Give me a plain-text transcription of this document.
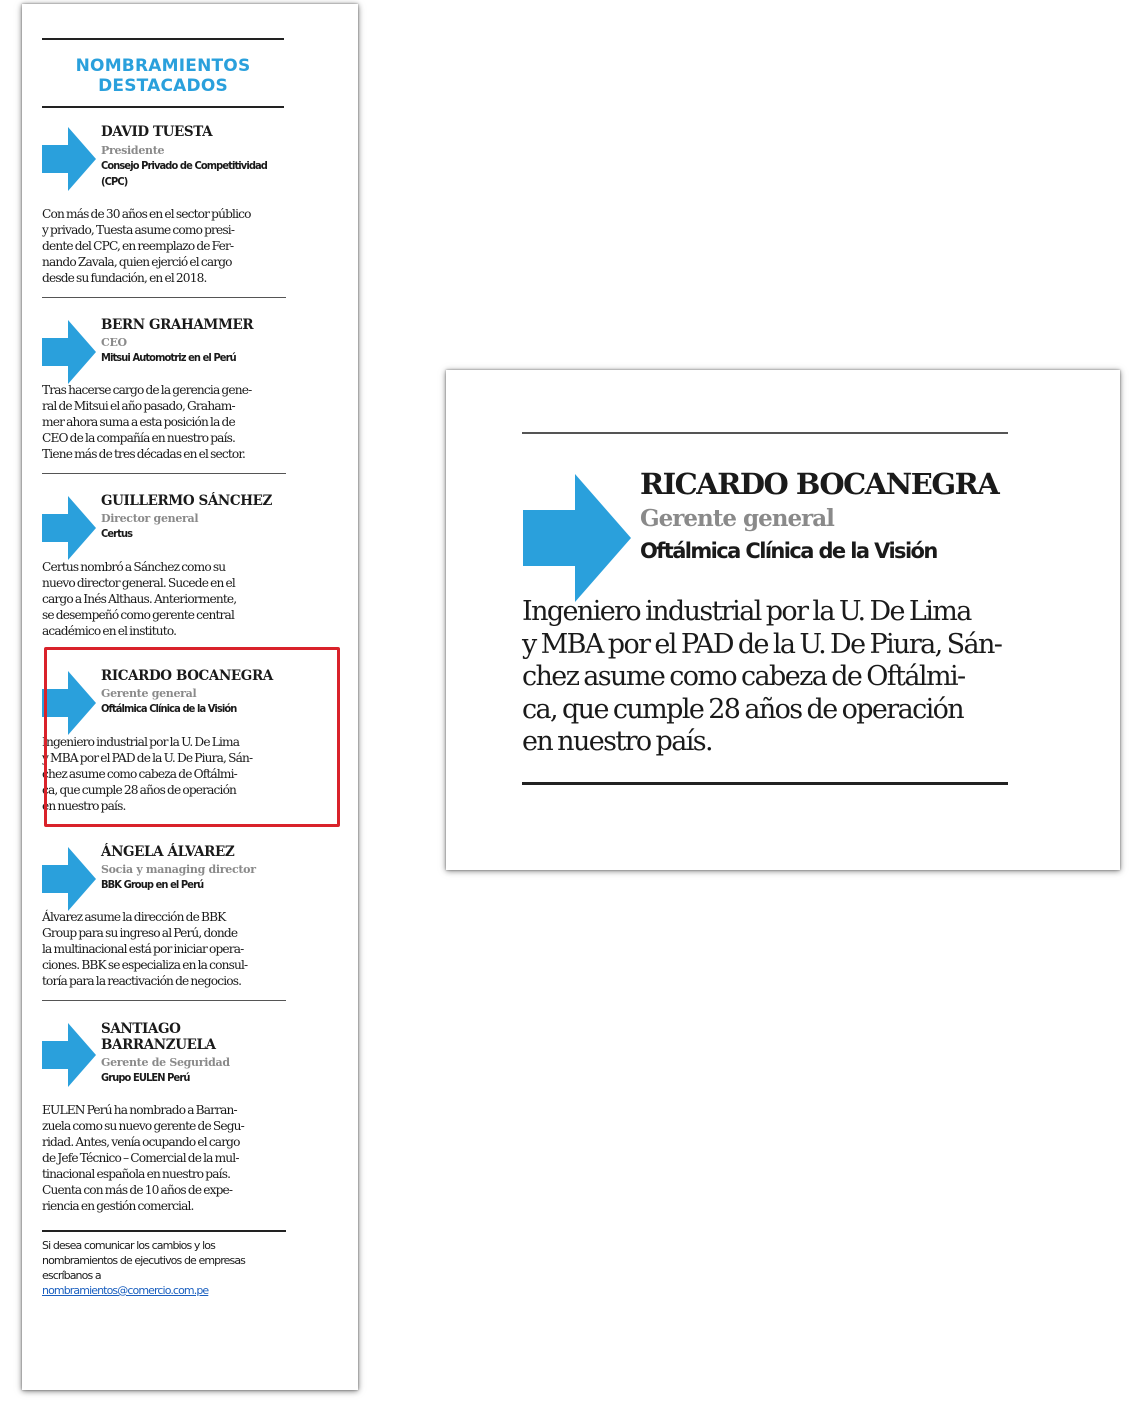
NOMBRAMIENTOS
DESTACADOS
DAVID TUESTA
Presidente
Consejo Privado de Competitividad
(CPC)
Con más de 30 años en el sector público
y privado, Tuesta asume como presi-
dente del CPC, en reemplazo de Fer-
nando Zavala, quien ejerció el cargo
desde su fundación, en el 2018.
BERN GRAHAMMER
CEO
Mitsui Automotriz en el Perú
Tras hacerse cargo de la gerencia gene-
ral de Mitsui el año pasado, Graham-
mer ahora suma a esta posición la de
CEO de la compañía en nuestro país.
Tiene más de tres décadas en el sector.
GUILLERMO SÁNCHEZ
Director general
Certus
Certus nombró a Sánchez como su
nuevo director general. Sucede en el
cargo a Inés Althaus. Anteriormente,
se desempeñó como gerente central
académico en el instituto.
RICARDO BOCANEGRA
Gerente general
Oftálmica Clínica de la Visión
Ingeniero industrial por la U. De Lima
y MBA por el PAD de la U. De Piura, Sán-
chez asume como cabeza de Oftálmi-
ca, que cumple 28 años de operación
en nuestro país.
ÁNGELA ÁLVAREZ
Socia y managing director
BBK Group en el Perú
Álvarez asume la dirección de BBK
Group para su ingreso al Perú, donde
la multinacional está por iniciar opera-
ciones. BBK se especializa en la consul-
toría para la reactivación de negocios.
SANTIAGO
BARRANZUELA
Gerente de Seguridad
Grupo EULEN Perú
EULEN Perú ha nombrado a Barran-
zuela como su nuevo gerente de Segu-
ridad. Antes, venía ocupando el cargo
de Jefe Técnico – Comercial de la mul-
tinacional española en nuestro país.
Cuenta con más de 10 años de expe-
riencia en gestión comercial.
Si desea comunicar los cambios y los
nombramientos de ejecutivos de empresas
escríbanos a
nombramientos@comercio.com.pe
RICARDO BOCANEGRA
Gerente general
Oftálmica Clínica de la Visión
Ingeniero industrial por la U. De Lima
y MBA por el PAD de la U. De Piura, Sán-
chez asume como cabeza de Oftálmi-
ca, que cumple 28 años de operación
en nuestro país.
